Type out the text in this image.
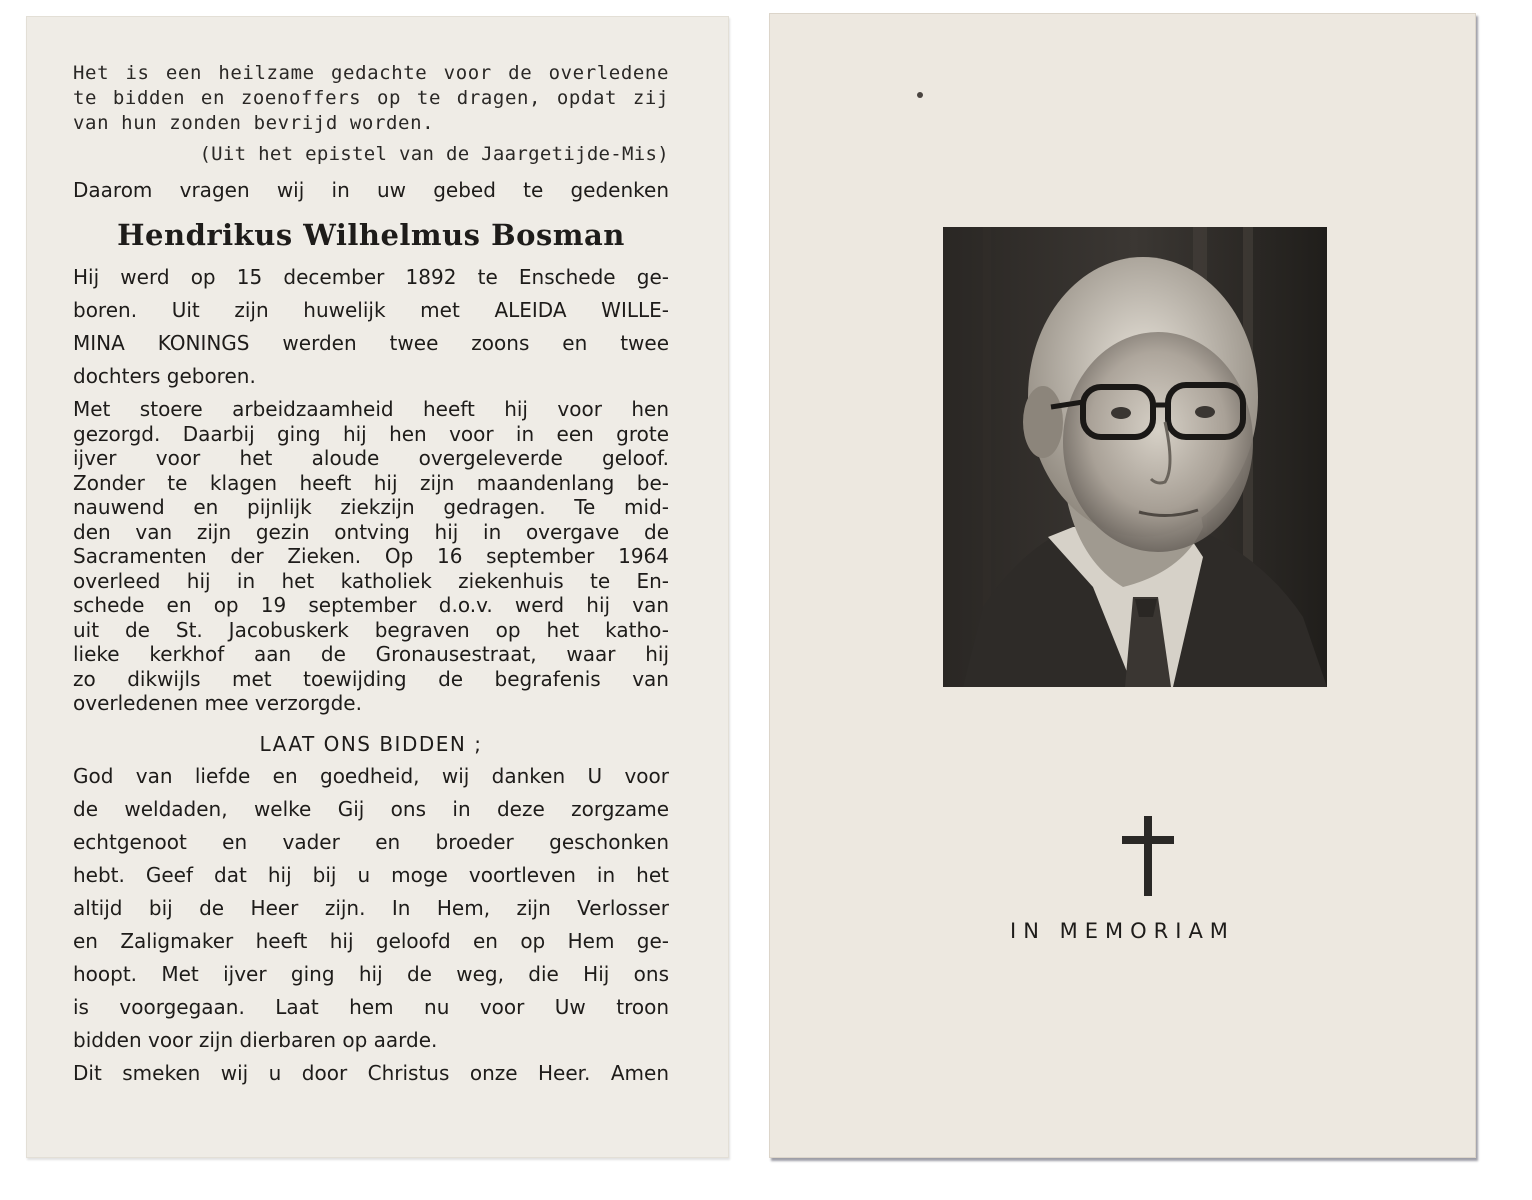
Het is een heilzame gedachte voor de overledene
te bidden en zoenoffers op te dragen, opdat zij
van hun zonden bevrijd worden.
(Uit het epistel van de Jaargetijde-Mis)
Daarom vragen wij in uw gebed te gedenken
Hendrikus Wilhelmus Bosman
Hij werd op 15 december 1892 te Enschede ge-
boren. Uit zijn huwelijk met ALEIDA WILLE-
MINA KONINGS werden twee zoons en twee
dochters geboren.
Met stoere arbeidzaamheid heeft hij voor hen
gezorgd. Daarbij ging hij hen voor in een grote
ijver voor het aloude overgeleverde geloof.
Zonder te klagen heeft hij zijn maandenlang be-
nauwend en pijnlijk ziekzijn gedragen. Te mid-
den van zijn gezin ontving hij in overgave de
Sacramenten der Zieken. Op 16 september 1964
overleed hij in het katholiek ziekenhuis te En-
schede en op 19 september d.o.v. werd hij van
uit de St. Jacobuskerk begraven op het katho-
lieke kerkhof aan de Gronausestraat, waar hij
zo dikwijls met toewijding de begrafenis van
overledenen mee verzorgde.
LAAT ONS BIDDEN ;
God van liefde en goedheid, wij danken U voor
de weldaden, welke Gij ons in deze zorgzame
echtgenoot en vader en broeder geschonken
hebt. Geef dat hij bij u moge voortleven in het
altijd bij de Heer zijn. In Hem, zijn Verlosser
en Zaligmaker heeft hij geloofd en op Hem ge-
hoopt. Met ijver ging hij de weg, die Hij ons
is voorgegaan. Laat hem nu voor Uw troon
bidden voor zijn dierbaren op aarde.
Dit smeken wij u door Christus onze Heer. Amen
IN MEMORIAM
